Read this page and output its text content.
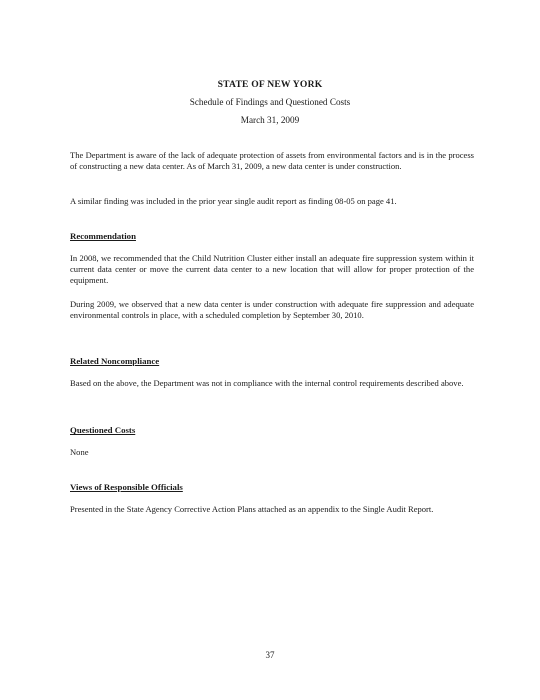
STATE OF NEW YORK
Schedule of Findings and Questioned Costs
March 31, 2009

The Department is aware of the lack of adequate protection of assets from environmental factors and is in the process of constructing a new data center. As of March 31, 2009, a new data center is under construction.

A similar finding was included in the prior year single audit report as finding 08-05 on page 41.

Recommendation

In 2008, we recommended that the Child Nutrition Cluster either install an adequate fire suppression system within it current data center or move the current data center to a new location that will allow for proper protection of the equipment.

During 2009, we observed that a new data center is under construction with adequate fire suppression and adequate environmental controls in place, with a scheduled completion by September 30, 2010.

Related Noncompliance

Based on the above, the Department was not in compliance with the internal control requirements described above.

Questioned Costs

None

Views of Responsible Officials

Presented in the State Agency Corrective Action Plans attached as an appendix to the Single Audit Report.

37
